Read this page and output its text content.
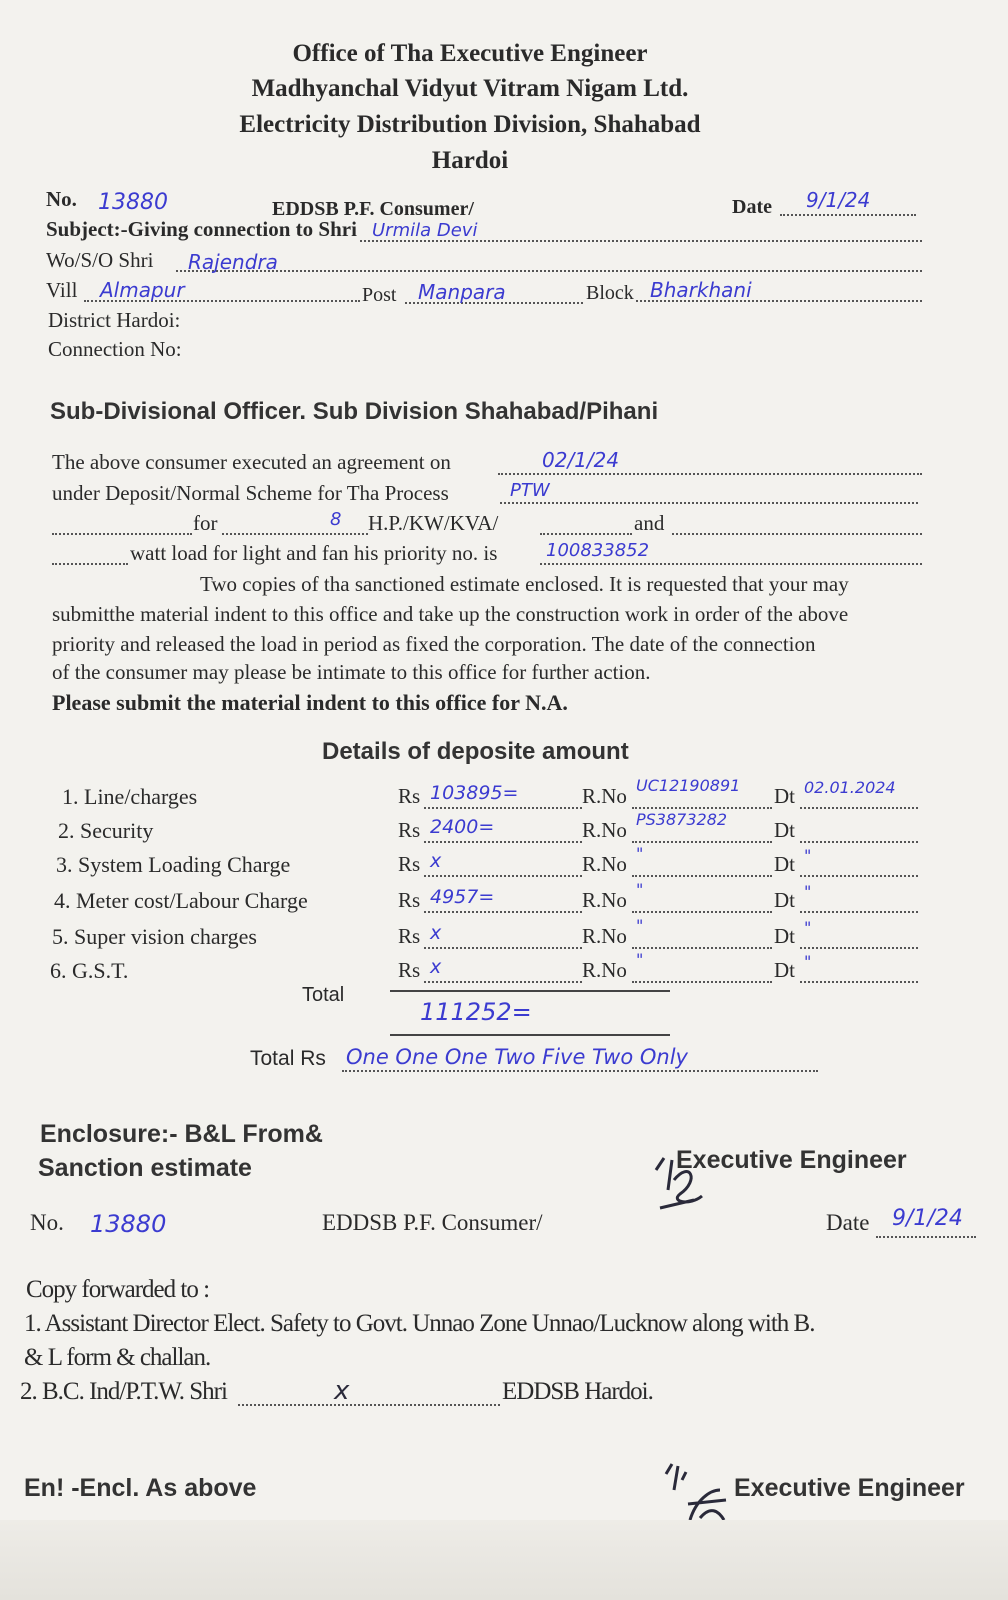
Office of Tha Executive Engineer
Madhyanchal Vidyut Vitram Nigam Ltd.
Electricity Distribution Division, Shahabad
Hardoi
No. 13880	EDDSB P.F. Consumer/	Date 9/1/24
Subject:-Giving connection to Shri Urmila Devi
Wo/S/O Shri Rajendra
Vill Almapur	Post Manpara	Block Bharkhani
District Hardoi:
Connection No:
Sub-Divisional Officer. Sub Division Shahabad/Pihani
The above consumer executed an agreement on	02/1/24
under Deposit/Normal Scheme for Tha Process	PTW
for	8 H.P./KW/KVA/	and
watt load for light and fan his priority no. is	100833852
Two copies of tha sanctioned estimate enclosed. It is requested that your may
submitthe material indent to this office and take up the construction work in order of the above
priority and released the load in period as fixed the corporation. The date of the connection
of the consumer may please be intimate to this office for further action.
Please submit the material indent to this office for N.A.
Details of deposite amount
1. Line/charges	Rs 103895=	R.No UC12190891 Dt 02.01.2024
2. Security	Rs 2400=	R.No PS3873282 Dt
3. System Loading Charge	Rs x	R.No "	Dt "
4. Meter cost/Labour Charge	Rs 4957=	R.No "	Dt "
5. Super vision charges	Rs x	R.No "	Dt "
6. G.S.T.	Rs x	R.No "	Dt "
Total
111252=
Total Rs One One One Two Five Two Only
Enclosure:- B&L From&
Sanction estimate	Executive Engineer
No. 13880	EDDSB P.F. Consumer/	Date 9/1/24
Copy forwarded to :
1. Assistant Director Elect. Safety to Govt. Unnao Zone Unnao/Lucknow along with B.
& L form & challan.
2. B.C. Ind/P.T.W. Shri	x	EDDSB Hardoi.
En! -Encl. As above	Executive Engineer
